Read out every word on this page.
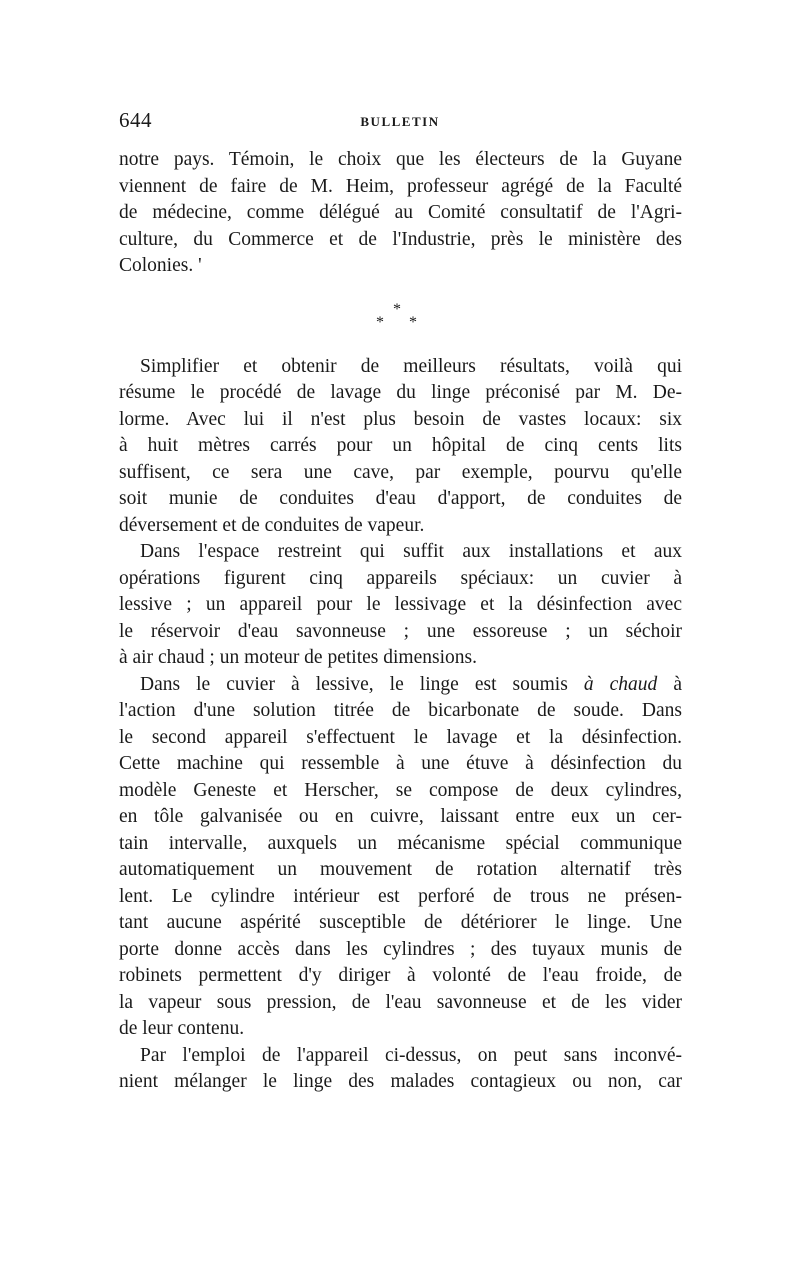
644	BULLETIN
notre pays. Témoin, le choix que les électeurs de la Guyane
viennent de faire de M. Heim, professeur agrégé de la Faculté
de médecine, comme délégué au Comité consultatif de l'Agri-
culture, du Commerce et de l'Industrie, près le ministère des
Colonies. '
*
* *
Simplifier et obtenir de meilleurs résultats, voilà qui
résume le procédé de lavage du linge préconisé par M. De-
lorme. Avec lui il n'est plus besoin de vastes locaux: six
à huit mètres carrés pour un hôpital de cinq cents lits
suffisent, ce sera une cave, par exemple, pourvu qu'elle
soit munie de conduites d'eau d'apport, de conduites de
déversement et de conduites de vapeur.
Dans l'espace restreint qui suffit aux installations et aux
opérations figurent cinq appareils spéciaux: un cuvier à
lessive ; un appareil pour le lessivage et la désinfection avec
le réservoir d'eau savonneuse ; une essoreuse ; un séchoir
à air chaud ; un moteur de petites dimensions.
Dans le cuvier à lessive, le linge est soumis à chaud à
l'action d'une solution titrée de bicarbonate de soude. Dans
le second appareil s'effectuent le lavage et la désinfection.
Cette machine qui ressemble à une étuve à désinfection du
modèle Geneste et Herscher, se compose de deux cylindres,
en tôle galvanisée ou en cuivre, laissant entre eux un cer-
tain intervalle, auxquels un mécanisme spécial communique
automatiquement un mouvement de rotation alternatif très
lent. Le cylindre intérieur est perforé de trous ne présen-
tant aucune aspérité susceptible de détériorer le linge. Une
porte donne accès dans les cylindres ; des tuyaux munis de
robinets permettent d'y diriger à volonté de l'eau froide, de
la vapeur sous pression, de l'eau savonneuse et de les vider
de leur contenu.
Par l'emploi de l'appareil ci-dessus, on peut sans inconvé-
nient mélanger le linge des malades contagieux ou non, car
